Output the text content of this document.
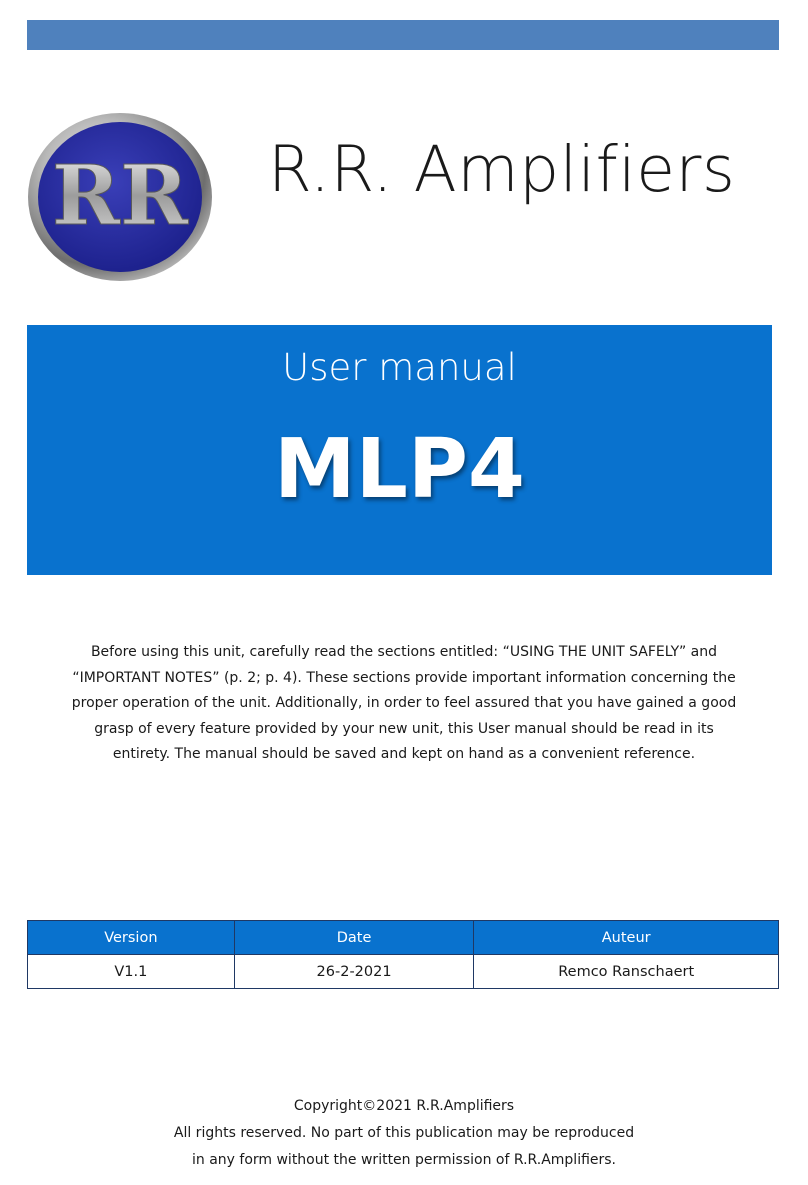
RR R.R. Amplifiers
User manual
MLP4
Before using this unit, carefully read the sections entitled: “USING THE UNIT SAFELY” and
“IMPORTANT NOTES” (p. 2; p. 4). These sections provide important information concerning the
proper operation of the unit. Additionally, in order to feel assured that you have gained a good
grasp of every feature provided by your new unit, this User manual should be read in its
entirety. The manual should be saved and kept on hand as a convenient reference.
Version	Date	Auteur
V1.1	26-2-2021	Remco Ranschaert
Copyright©2021 R.R.Amplifiers
All rights reserved. No part of this publication may be reproduced
in any form without the written permission of R.R.Amplifiers.
